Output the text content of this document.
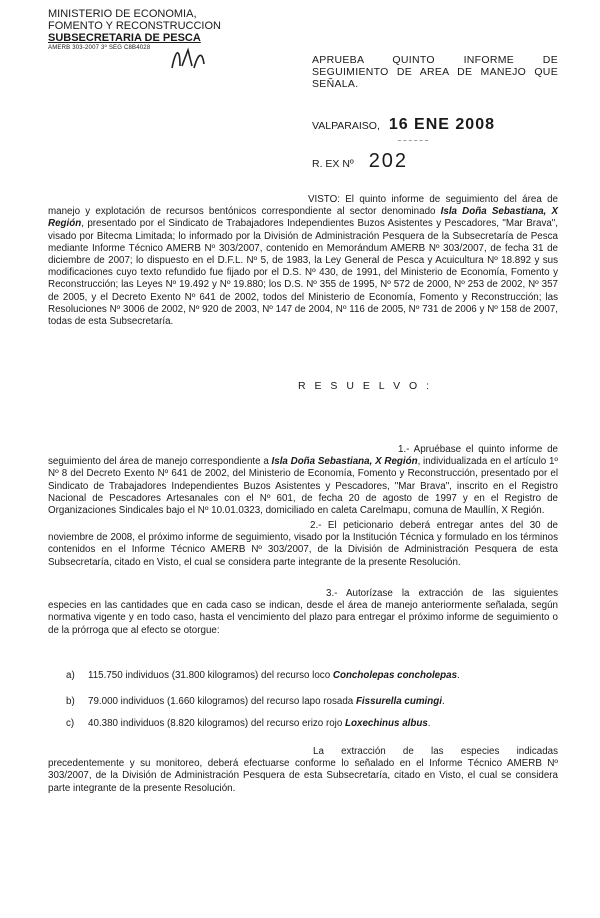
MINISTERIO DE ECONOMIA,
FOMENTO Y RECONSTRUCCION
SUBSECRETARIA DE PESCA
AMERB 303-2007 3º SEG C8B4028
APRUEBA QUINTO INFORME DE SEGUIMIENTO DE AREA DE MANEJO QUE SEÑALA.
VALPARAISO, 16 ENE 2008
R. EX Nº 202
VISTO: El quinto informe de seguimiento del área de manejo y explotación de recursos bentónicos correspondiente al sector denominado Isla Doña Sebastiana, X Región, presentado por el Sindicato de Trabajadores Independientes Buzos Asistentes y Pescadores, "Mar Brava", visado por Bitecma Limitada; lo informado por la División de Administración Pesquera de la Subsecretaría de Pesca mediante Informe Técnico AMERB Nº 303/2007, contenido en Memorándum AMERB Nº 303/2007, de fecha 31 de diciembre de 2007; lo dispuesto en el D.F.L. Nº 5, de 1983, la Ley General de Pesca y Acuicultura Nº 18.892 y sus modificaciones cuyo texto refundido fue fijado por el D.S. Nº 430, de 1991, del Ministerio de Economía, Fomento y Reconstrucción; las Leyes Nº 19.492 y Nº 19.880; los D.S. Nº 355 de 1995, Nº 572 de 2000, Nº 253 de 2002, Nº 357 de 2005, y el Decreto Exento Nº 641 de 2002, todos del Ministerio de Economía, Fomento y Reconstrucción; las Resoluciones Nº 3006 de 2002, Nº 920 de 2003, Nº 147 de 2004, Nº 116 de 2005, Nº 731 de 2006 y Nº 158 de 2007, todas de esta Subsecretaría.
R E S U E L V O :
1.- Apruébase el quinto informe de seguimiento del área de manejo correspondiente a Isla Doña Sebastiana, X Región, individualizada en el artículo 1º Nº 8 del Decreto Exento Nº 641 de 2002, del Ministerio de Economía, Fomento y Reconstrucción, presentado por el Sindicato de Trabajadores Independientes Buzos Asistentes y Pescadores, "Mar Brava", inscrito en el Registro Nacional de Pescadores Artesanales con el Nº 601, de fecha 20 de agosto de 1997 y en el Registro de Organizaciones Sindicales bajo el Nº 10.01.0323, domiciliado en caleta Carelmapu, comuna de Maullín, X Región.
2.- El peticionario deberá entregar antes del 30 de noviembre de 2008, el próximo informe de seguimiento, visado por la Institución Técnica y formulado en los términos contenidos en el Informe Técnico AMERB Nº 303/2007, de la División de Administración Pesquera de esta Subsecretaría, citado en Visto, el cual se considera parte integrante de la presente Resolución.
3.- Autorízase la extracción de las siguientes especies en las cantidades que en cada caso se indican, desde el área de manejo anteriormente señalada, según normativa vigente y en todo caso, hasta el vencimiento del plazo para entregar el próximo informe de seguimiento o de la prórroga que al efecto se otorgue:
a) 115.750 individuos (31.800 kilogramos) del recurso loco Concholepas concholepas.
b) 79.000 individuos (1.660 kilogramos) del recurso lapo rosada Fissurella cumingi.
c) 40.380 individuos (8.820 kilogramos) del recurso erizo rojo Loxechinus albus.
La extracción de las especies indicadas precedentemente y su monitoreo, deberá efectuarse conforme lo señalado en el Informe Técnico AMERB Nº 303/2007, de la División de Administración Pesquera de esta Subsecretaría, citado en Visto, el cual se considera parte integrante de la presente Resolución.
